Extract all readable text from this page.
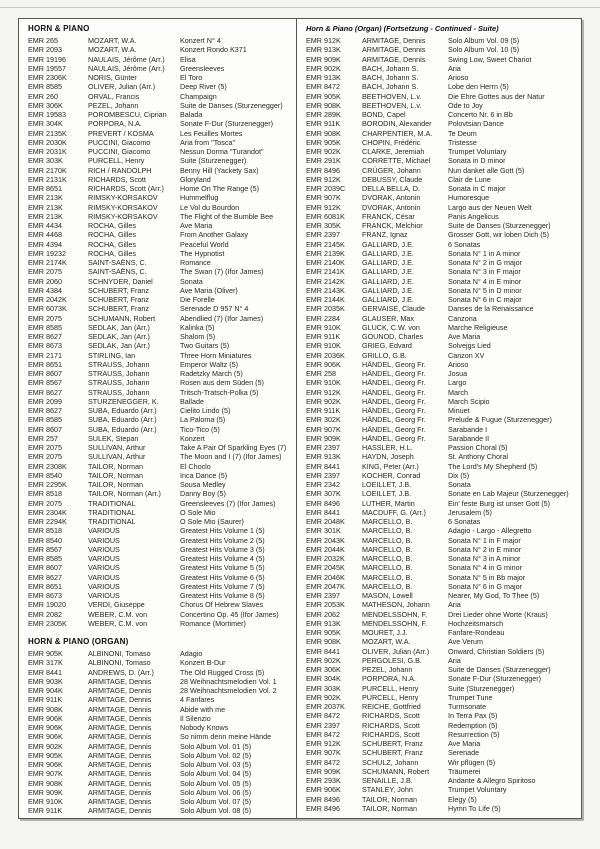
HORN & PIANO
EMR 265	MOZART, W.A.	Konzert N° 4
EMR 2093	MOZART, W.A.	Konzert Rondo K371
EMR 19196	NAULAIS, Jérôme (Arr.)	Elisa
EMR 19557	NAULAIS, Jérôme (Arr.)	Greensleeves
EMR 2306K	NORIS, Günter	El Toro
EMR 8585	OLIVER, Julian (Arr.)	Deep River (5)
EMR 260	ORVAL, Francis	Champaign
EMR 306K	PEZEL, Johann	Suite de Danses (Sturzenegger)
EMR 19583	POROMBESCU, Ciprian	Balada
EMR 304K	PORPORA, N.A.	Sonate F-Dur (Sturzenegger)
EMR 2135K	PREVERT / KOSMA	Les Feuilles Mortes
EMR 2030K	PUCCINI, Giacomo	Aria from "Tosca"
EMR 2031K	PUCCINI, Giacomo	Nessun Dorma "Turandot"
EMR 303K	PURCELL, Henry	Suite (Sturzenegger)
EMR 2170K	RICH / RANDOLPH	Benny Hill (Yackety Sax)
EMR 2131K	RICHARDS, Scott	Gloryland
EMR 8651	RICHARDS, Scott (Arr.)	Home On The Range (5)
EMR 213K	RIMSKY-KORSAKOV	Hummelflug
EMR 213K	RIMSKY-KORSAKOV	Le Vol du Bourdon
EMR 213K	RIMSKY-KORSAKOV	The Flight of the Bumble Bee
EMR 4434	ROCHA, Gilles	Ave Maria
EMR 4468	ROCHA, Gilles	From Another Galaxy
EMR 4394	ROCHA, Gilles	Peaceful World
EMR 19232	ROCHA, Gilles	The Hypnotist
EMR 2174K	SAINT-SAËNS, C.	Romance
EMR 2075	SAINT-SAËNS, C.	The Swan (7) (Ifor James)
EMR 2060	SCHNYDER, Daniel	Sonata
EMR 4384	SCHUBERT, Franz	Ave Maria (Oliver)
EMR 2042K	SCHUBERT, Franz	Die Forelle
EMR 6073K	SCHUBERT, Franz	Serenade D 957 N° 4
EMR 2075	SCHUMANN, Robert	Abendlied (7) (Ifor James)
EMR 8585	SEDLAK, Jan (Arr.)	Kalinka (5)
EMR 8627	SEDLAK, Jan (Arr.)	Shalom (5)
EMR 8673	SEDLAK, Jan (Arr.)	Two Guitars (5)
EMR 2171	STIRLING, Ian	Three Horn Miniatures
EMR 8651	STRAUSS, Johann	Emperor Waltz (5)
EMR 8607	STRAUSS, Johann	Radetzky March (5)
EMR 8567	STRAUSS, Johann	Rosen aus dem Süden (5)
EMR 8627	STRAUSS, Johann	Tritsch-Tratsch-Polka (5)
EMR 2099	STURZENEGGER, K.	Ballade
EMR 8627	SUBA, Eduardo (Arr.)	Cielito Lindo (5)
EMR 8585	SUBA, Eduardo (Arr.)	La Paloma (5)
EMR 8607	SUBA, Eduardo (Arr.)	Tico-Tico (5)
EMR 257	SULEK, Stepan	Konzert
EMR 2075	SULLIVAN, Arthur	Take A Pair Of Sparkling Eyes (7)
EMR 2075	SULLIVAN, Arthur	The Moon and I (7) (Ifor James)
EMR 2308K	TAILOR, Norman	El Choclo
EMR 8540	TAILOR, Norman	Inca Dance (5)
EMR 2295K	TAILOR, Norman	Sousa Medley
EMR 8518	TAILOR, Norman (Arr.)	Danny Boy (5)
EMR 2075	TRADITIONAL	Greensleeves (7) (Ifor James)
EMR 2304K	TRADITIONAL	O Sole Mio
EMR 2294K	TRADITIONAL	O Sole Mio (Saurer)
EMR 8518	VARIOUS	Greatest Hits Volume 1 (5)
EMR 8540	VARIOUS	Greatest Hits Volume 2 (5)
EMR 8567	VARIOUS	Greatest Hits Volume 3 (5)
EMR 8585	VARIOUS	Greatest Hits Volume 4 (5)
EMR 8607	VARIOUS	Greatest Hits Volume 5 (5)
EMR 8627	VARIOUS	Greatest Hits Volume 6 (5)
EMR 8651	VARIOUS	Greatest Hits Volume 7 (5)
EMR 8673	VARIOUS	Greatest Hits Volume 8 (5)
EMR 19020	VERDI, Giuseppe	Chorus Of Hebrew Slaves
EMR 2082	WEBER, C.M. von	Concertino Op. 45 (Ifor James)
EMR 2305K	WEBER, C.M. von	Romance (Mortimer)
HORN & PIANO (ORGAN)
EMR 905K	ALBINONI, Tomaso	Adagio
EMR 317K	ALBINONI, Tomaso	Konzert B-Dur
EMR 8441	ANDREWS, D. (Arr.)	The Old Rugged Cross (5)
EMR 903K	ARMITAGE, Dennis	28 Weihnachtsmelodien Vol. 1
EMR 904K	ARMITAGE, Dennis	28 Weihnachtsmelodien Vol. 2
EMR 911K	ARMITAGE, Dennis	4 Fanfares
EMR 908K	ARMITAGE, Dennis	Abide with me
EMR 906K	ARMITAGE, Dennis	Il Silenzio
EMR 906K	ARMITAGE, Dennis	Nobody Knows
EMR 906K	ARMITAGE, Dennis	So nimm denn meine Hände
EMR 902K	ARMITAGE, Dennis	Solo Album Vol. 01 (5)
EMR 905K	ARMITAGE, Dennis	Solo Album Vol. 02 (5)
EMR 906K	ARMITAGE, Dennis	Solo Album Vol. 03 (5)
EMR 907K	ARMITAGE, Dennis	Solo Album Vol. 04 (5)
EMR 908K	ARMITAGE, Dennis	Solo Album Vol. 05 (5)
EMR 909K	ARMITAGE, Dennis	Solo Album Vol. 06 (5)
EMR 910K	ARMITAGE, Dennis	Solo Album Vol. 07 (5)
EMR 911K	ARMITAGE, Dennis	Solo Album Vol. 08 (5)
Horn & Piano (Organ) (Fortsetzung - Continued - Suite)
EMR 912K	ARMITAGE, Dennis	Solo Album Vol. 09 (5)
EMR 913K	ARMITAGE, Dennis	Solo Album Vol. 10 (5)
EMR 909K	ARMITAGE, Dennis	Swing Low, Sweet Chariot
EMR 902K	BACH, Johann S.	Aria
EMR 913K	BACH, Johann S.	Arioso
EMR 8472	BACH, Johann S.	Lobe den Herrn (5)
EMR 905K	BEETHOVEN, L.v.	Die Ehre Gottes aus der Natur
EMR 908K	BEETHOVEN, L.v.	Ode to Joy
EMR 289K	BOND, Capel	Concerto Nr. 6 in Bb
EMR 911K	BORODIN, Alexander	Polovtsian Dance
EMR 908K	CHARPENTIER, M.A.	Te Deum
EMR 905K	CHOPIN, Frédéric	Tristesse
EMR 902K	CLARKE, Jeremiah	Trumpet Voluntary
EMR 291K	CORRETTE, Michael	Sonata in D minor
EMR 8496	CRÜGER, Johann	Nun danket alle Gott (5)
EMR 912K	DEBUSSY, Claude	Clair de Lune
EMR 2039C	DELLA BELLA, D.	Sonata in C major
EMR 907K	DVORAK, Antonin	Humoresque
EMR 912K	DVORAK, Antonin	Largo aus der Neuen Welt
EMR 6081K	FRANCK, César	Panis Angelicus
EMR 305K	FRANCK, Melchior	Suite de Danses (Sturzenegger)
EMR 2397	FRANZ, Ignaz	Grosser Gott, wir loben Dich (5)
EMR 2145K	GALLIARD, J.E.	6 Sonatas
EMR 2139K	GALLIARD, J.E.	Sonata N° 1 in A minor
EMR 2140K	GALLIARD, J.E.	Sonata N° 2 in G major
EMR 2141K	GALLIARD, J.E.	Sonata N° 3 in F major
EMR 2142K	GALLIARD, J.E.	Sonata N° 4 in E minor
EMR 2143K	GALLIARD, J.E.	Sonata N° 5 in D minor
EMR 2144K	GALLIARD, J.E.	Sonata N° 6 in C major
EMR 2035K	GERVAISE, Claude	Danses de la Renaissance
EMR 2284	GLAUSER, Max	Canzona
EMR 910K	GLUCK, C.W. von	Marche Religieuse
EMR 911K	GOUNOD, Charles	Ave Maria
EMR 910K	GRIEG, Edvard	Solvejgs Lied
EMR 2036K	GRILLO, G.B.	Canzon XV
EMR 906K	HÄNDEL, Georg Fr.	Arioso
EMR 258	HÄNDEL, Georg Fr.	Josua
EMR 910K	HÄNDEL, Georg Fr.	Largo
EMR 912K	HÄNDEL, Georg Fr.	March
EMR 902K	HÄNDEL, Georg Fr.	March Scipio
EMR 911K	HÄNDEL, Georg Fr.	Minuet
EMR 302K	HÄNDEL, Georg Fr.	Prelude & Fugue (Sturzenegger)
EMR 907K	HÄNDEL, Georg Fr.	Sarabande I
EMR 909K	HÄNDEL, Georg Fr.	Sarabande II
EMR 2397	HASSLER, H.L.	Passion Choral (5)
EMR 913K	HAYDN, Joseph	St. Anthony Choral
EMR 8441	KING, Peter (Arr.)	The Lord's My Shepherd (5)
EMR 2397	KOCHER, Conrad	Dix (5)
EMR 2342	LOEILLET, J.B.	Sonata
EMR 307K	LOEILLET, J.B.	Sonate en Lab Majeur (Sturzenegger)
EMR 8496	LUTHER, Martin	Ein' feste Burg ist unser Gott (5)
EMR 8441	MACDUFF, G. (Arr.)	Jerusalem (5)
EMR 2048K	MARCELLO, B.	6 Sonatas
EMR 301K	MARCELLO, B.	Adagio - Largo - Allegretto
EMR 2043K	MARCELLO, B.	Sonata N° 1 in F major
EMR 2044K	MARCELLO, B.	Sonata N° 2 in E minor
EMR 2032K	MARCELLO, B.	Sonata N° 3 in A minor
EMR 2045K	MARCELLO, B.	Sonata N° 4 in G minor
EMR 2046K	MARCELLO, B.	Sonata N° 5 in Bb major
EMR 2047K	MARCELLO, B.	Sonata N° 6 in G major
EMR 2397	MASON, Lowell	Nearer, My God, To Thee (5)
EMR 2053K	MATHESON, Johann	Aria
EMR 2062	MENDELSSOHN, F.	Drei Lieder ohne Worte (Kraus)
EMR 913K	MENDELSSOHN, F.	Hochzeitsmarsch
EMR 905K	MOURET, J.J.	Fanfare-Rondeau
EMR 908K	MOZART, W.A.	Ave Verum
EMR 8441	OLIVER, Julian (Arr.)	Onward, Christian Soldiers (5)
EMR 902K	PERGOLESI, G.B.	Aria
EMR 306K	PEZEL, Johann	Suite de Danses (Sturzenegger)
EMR 304K	PORPORA, N.A.	Sonate F-Dur (Sturzenegger)
EMR 303K	PURCELL, Henry	Suite (Sturzenegger)
EMR 902K	PURCELL, Henry	Trumpet Tune
EMR 2037K	REICHE, Gottfried	Turmsonate
EMR 8472	RICHARDS, Scott	In Terra Pax (5)
EMR 2397	RICHARDS, Scott	Redemption (5)
EMR 8472	RICHARDS, Scott	Resurrection (5)
EMR 912K	SCHUBERT, Franz	Ave Maria
EMR 907K	SCHUBERT, Franz	Serenade
EMR 8472	SCHULZ, Johann	Wir pflügen (5)
EMR 909K	SCHUMANN, Robert	Träumerei
EMR 293K	SENAILLE, J.B.	Andante & Allegro Spiritoso
EMR 906K	STANLEY, John	Trumpet Voluntary
EMR 8496	TAILOR, Norman	Elegy (5)
EMR 8496	TAILOR, Norman	Hymn To Life (5)
